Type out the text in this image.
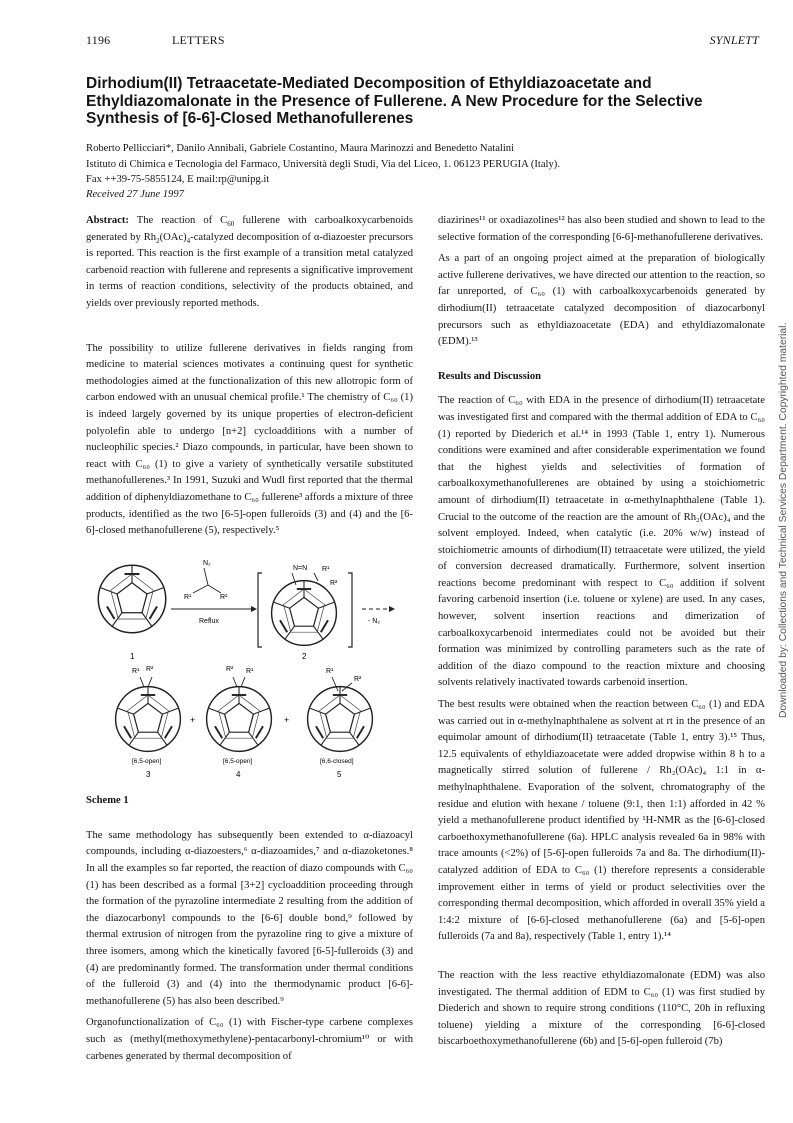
1196	LETTERS	SYNLETT
Dirhodium(II) Tetraacetate-Mediated Decomposition of Ethyldiazoacetate and Ethyldiazomalonate in the Presence of Fullerene. A New Procedure for the Selective Synthesis of [6-6]-Closed Methanofullerenes
Roberto Pellicciari*, Danilo Annibali, Gabriele Costantino, Maura Marinozzi and Benedetto Natalini
Istituto di Chimica e Tecnologia del Farmaco, Università degli Studi, Via del Liceo, 1. 06123 PERUGIA (Italy).
Fax ++39-75-5855124, E mail:rp@unipg.it
Received 27 June 1997

Abstract: The reaction of $C_{60}$ fullerene with carboalkoxycarbenoids generated by $Rh_2(OAc)_4$-catalyzed decomposition of α-diazoester precursors is reported. This reaction is the first example of a transition metal catalyzed carbenoid reaction with fullerene and represents a significative improvement in terms of reaction conditions, selectivity of the products obtained, and yields over previously reported methods.

The possibility to utilize fullerene derivatives in fields ranging from medicine to material sciences motivates a continuing quest for synthetic methodologies aimed at the functionalization of this new allotropic form of carbon endowed with an unusual chemical profile.¹ The chemistry of C₆₀ (1) is indeed largely governed by its unique properties of electron-deficient polyolefin able to undergo [n+2] cycloadditions with a number of nucleophilic species.² Diazo compounds, in particular, have been shown to react with C₆₀ (1) to give a variety of synthetically versatile substituted methanofullerenes.³ In 1991, Suzuki and Wudl first reported that the thermal addition of diphenyldiazomethane to C₆₀ fullerene³ affords a mixture of three products, identified as the two [6-5]-open fulleroids (3) and (4) and the [6-6]-closed methanofullerene (5), respectively.⁵

1
N₂
R¹	R²
Reflux
N=N R¹
R²
2
- N₂
R¹ R²
[6,5-open]
3
+
R² R¹
[6,5-open]
4
+
R¹
R²
[6,6-closed]
5

Scheme 1

The same methodology has subsequently been extended to α-diazoacyl compounds, including α-diazoesters,⁶ α-diazoamides,⁷ and α-diazoketones.⁸ In all the examples so far reported, the reaction of diazo compounds with C₆₀ (1) has been described as a formal [3+2] cycloaddition proceeding through the formation of the pyrazoline intermediate 2 resulting from the addition of the diazocarbonyl compounds to the [6-6] double bond,⁹ followed by thermal extrusion of nitrogen from the pyrazoline ring to give a mixture of three isomers, among which the kinetically favored [6-5]-fulleroids (3) and (4) are predominantly formed. The transformation under thermal conditions of the fulleroid (3) and (4) into the thermodynamic product [6-6]-methanofullerene (5) has also been described.⁹

Organofunctionalization of C₆₀ (1) with Fischer-type carbene complexes such as (methyl(methoxymethylene)-pentacarbonyl-chromium¹⁰ or with carbenes generated by thermal decomposition of

diazirines¹¹ or oxadiazolines¹² has also been studied and shown to lead to the selective formation of the corresponding [6-6]-methanofullerene derivatives.

As a part of an ongoing project aimed at the preparation of biologically active fullerene derivatives, we have directed our attention to the reaction, so far unreported, of C₆₀ (1) with carboalkoxycarbenoids generated by dirhodium(II) tetraacetate catalyzed decomposition of diazocarbonyl precursors such as ethyldiazoacetate (EDA) and ethyldiazomalonate (EDM).¹³

Results and Discussion

The reaction of C₆₀ with EDA in the presence of dirhodium(II) tetraacetate was investigated first and compared with the thermal addition of EDA to C₆₀ (1) reported by Diederich et al.¹⁴ in 1993 (Table 1, entry 1). Numerous conditions were examined and after considerable experimentation we found that the highest yields and selectivities of formation of carboalkoxymethanofullerenes are obtained by using a stoichiometric amount of dirhodium(II) tetraacetate in α-methylnaphthalene (Table 1). Crucial to the outcome of the reaction are the amount of Rh₂(OAc)₄ and the solvent employed. Indeed, when catalytic (i.e. 20% w/w) instead of stoichiometric amounts of dirhodium(II) tetraacetate were utilized, the yield of conversion decreased dramatically. Furthermore, solvent insertion reactions become predominant with respect to C₆₀ addition if solvent favoring carbenoid insertion (i.e. toluene or xylene) are used. In any cases, however, solvent insertion reactions and dimerization of carboalkoxycarbenoid intermediates could not be avoided but their formation was minimized by controlling parameters such as the rate of addition of the diazo compound to the reaction mixture and choosing solvents relatively inactivated towards carbenoid insertion.

The best results were obtained when the reaction between C₆₀ (1) and EDA was carried out in α-methylnaphthalene as solvent at rt in the presence of an equimolar amount of dirhodium(II) tetraacetate (Table 1, entry 3).¹⁵ Thus, 12.5 equivalents of ethyldiazoacetate were added dropwise within 8 h to a magnetically stirred solution of fullerene / Rh₂(OAc)₄ 1:1 in α-methylnaphthalene. Evaporation of the solvent, chromatography of the residue and elution with hexane / toluene (9:1, then 1:1) afforded in 42 % yield a methanofullerene product identified by ¹H-NMR as the [6-6]-closed carboethoxymethanofullerene (6a). HPLC analysis revealed 6a in 98% with trace amounts (<2%) of [5-6]-open fulleroids 7a and 8a. The dirhodium(II)-catalyzed addition of EDA to C₆₀ (1) therefore represents a considerable improvement either in terms of yield or product selectivities over the corresponding thermal decomposition, which afforded in overall 35% yield a 1:4:2 mixture of [6-6]-closed methanofullerene (6a) and [5-6]-open fulleroids (7a and 8a), respectively (Table 1, entry 1).¹⁴

The reaction with the less reactive ethyldiazomalonate (EDM) was also investigated. The thermal addition of EDM to C₆₀ (1) was first studied by Diederich and shown to require strong conditions (110°C, 20h in refluxing toluene) yielding a mixture of the corresponding [6-6]-closed biscarboethoxymethanofullerene (6b) and [5-6]-open fulleroid (7b)

Downloaded by: Collections and Technical Services Department. Copyrighted material.
